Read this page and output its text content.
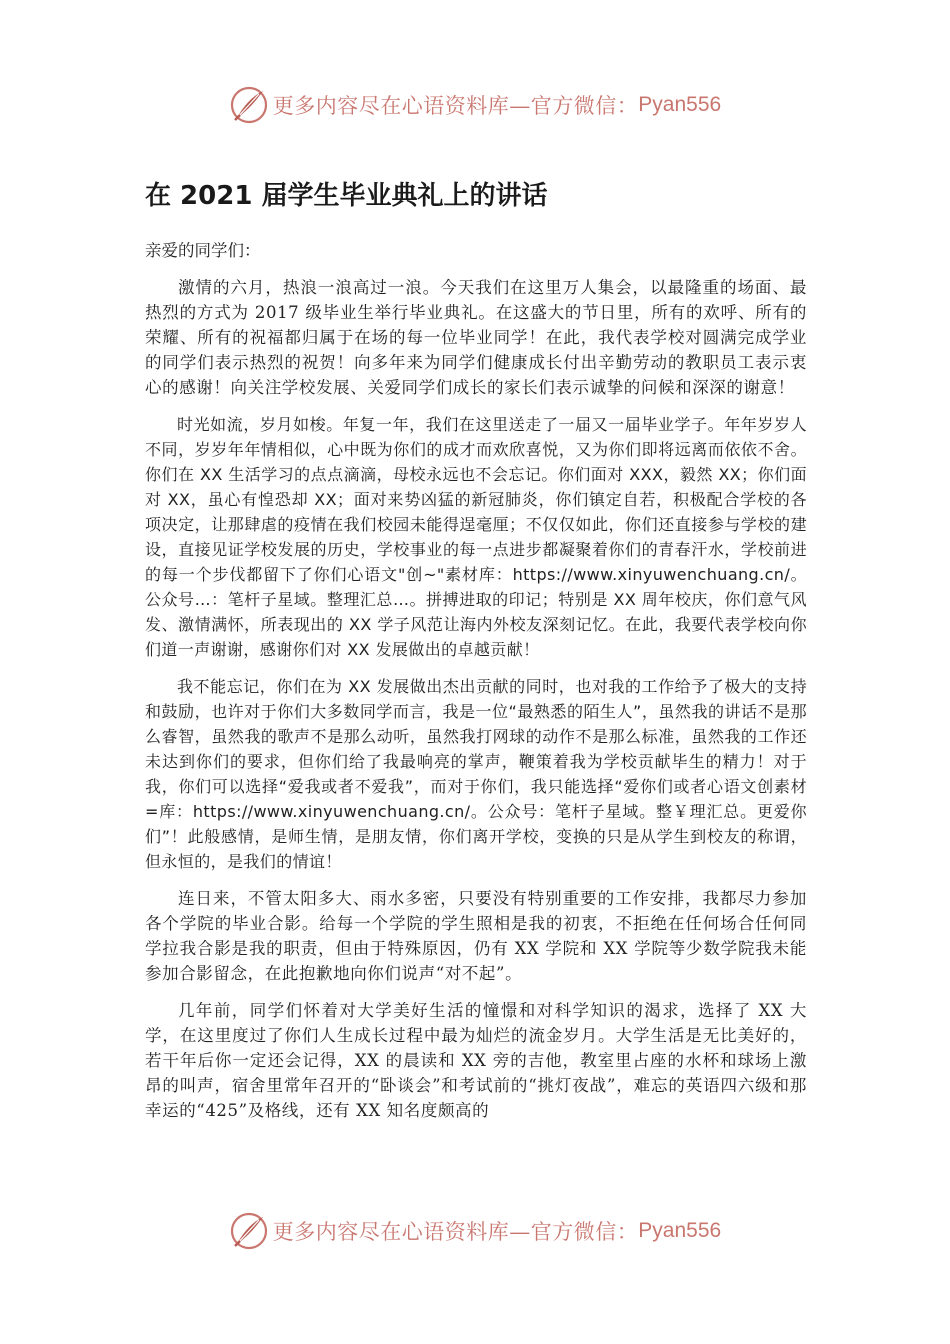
更多内容尽在心语资料库—官方微信： Pyan556
在 2021 届学生毕业典礼上的讲话

亲爱的同学们：

激情的六月，热浪一浪高过一浪。今天我们在这里万人集会，以最隆重的场面、最热烈的方式为 2017 级毕业生举行毕业典礼。在这盛大的节日里，所有的欢呼、所有的荣耀、所有的祝福都归属于在场的每一位毕业同学！在此，我代表学校对圆满完成学业的同学们表示热烈的祝贺！向多年来为同学们健康成长付出辛勤劳动的教职员工表示衷心的感谢！向关注学校发展、关爱同学们成长的家长们表示诚挚的问候和深深的谢意！

时光如流，岁月如梭。年复一年，我们在这里送走了一届又一届毕业学子。年年岁岁人不同，岁岁年年情相似，心中既为你们的成才而欢欣喜悦，又为你们即将远离而依依不舍。你们在 XX 生活学习的点点滴滴，母校永远也不会忘记。你们面对 XXX，毅然 XX；你们面对 XX，虽心有惶恐却 XX；面对来势凶猛的新冠肺炎，你们镇定自若，积极配合学校的各项决定，让那肆虐的疫情在我们校园未能得逞毫厘；不仅仅如此，你们还直接参与学校的建设，直接见证学校发展的历史，学校事业的每一点进步都凝聚着你们的青春汗水，学校前进的每一个步伐都留下了你们心语文"创~"素材库：https://www.xinyuwenchuang.cn/。公众号…：笔杆子星域。整理汇总…。拼搏进取的印记；特别是 XX 周年校庆，你们意气风发、激情满怀，所表现出的 XX 学子风范让海内外校友深刻记忆。在此，我要代表学校向你们道一声谢谢，感谢你们对 XX 发展做出的卓越贡献！

我不能忘记，你们在为 XX 发展做出杰出贡献的同时，也对我的工作给予了极大的支持和鼓励，也许对于你们大多数同学而言，我是一位“最熟悉的陌生人”，虽然我的讲话不是那么睿智，虽然我的歌声不是那么动听，虽然我打网球的动作不是那么标准，虽然我的工作还未达到你们的要求，但你们给了我最响亮的掌声，鞭策着我为学校贡献毕生的精力！对于我，你们可以选择“爱我或者不爱我”，而对于你们，我只能选择“爱你们或者心语文创素材=库：https://www.xinyuwenchuang.cn/。公众号：笔杆子星域。整￥理汇总。更爱你们”！此般感情，是师生情，是朋友情，你们离开学校，变换的只是从学生到校友的称谓，但永恒的，是我们的情谊！

连日来，不管太阳多大、雨水多密，只要没有特别重要的工作安排，我都尽力参加各个学院的毕业合影。给每一个学院的学生照相是我的初衷，不拒绝在任何场合任何同学拉我合影是我的职责，但由于特殊原因，仍有 XX 学院和 XX 学院等少数学院我未能参加合影留念，在此抱歉地向你们说声“对不起”。

几年前，同学们怀着对大学美好生活的憧憬和对科学知识的渴求，选择了 XX 大学，在这里度过了你们人生成长过程中最为灿烂的流金岁月。大学生活是无比美好的，若干年后你一定还会记得，XX 的晨读和 XX 旁的吉他，教室里占座的水杯和球场上激昂的叫声，宿舍里常年召开的“卧谈会”和考试前的“挑灯夜战”，难忘的英语四六级和那幸运的“425”及格线，还有 XX 知名度颇高的

更多内容尽在心语资料库—官方微信： Pyan556
